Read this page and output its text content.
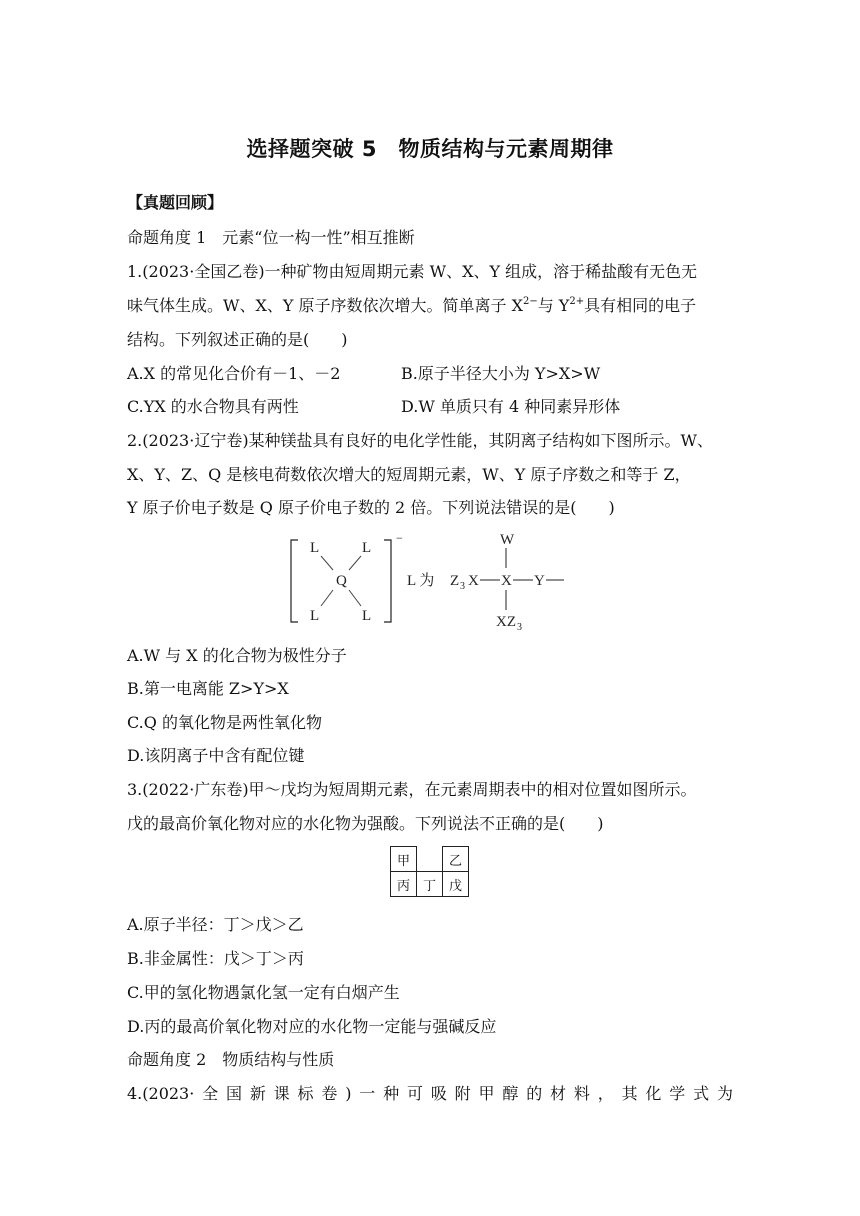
选择题突破 5　物质结构与元素周期律
【真题回顾】
命题角度 1　元素“位一构一性”相互推断
1.(2023·全国乙卷)一种矿物由短周期元素 W、X、Y 组成，溶于稀盐酸有无色无
味气体生成。W、X、Y 原子序数依次增大。简单离子 $X^{2-}$与 $Y^{2+}$具有相同的电子
结构。下列叙述正确的是(　　)
A.X 的常见化合价有－1、－2	B.原子半径大小为 Y>X>W
C.YX 的水合物具有两性	D.W 单质只有 4 种同素异形体
2.(2023·辽宁卷)某种镁盐具有良好的电化学性能，其阴离子结构如下图所示。W、
X、Y、Z、Q 是核电荷数依次增大的短周期元素，W、Y 原子序数之和等于 Z，
Y 原子价电子数是 Q 原子价电子数的 2 倍。下列说法错误的是(　　)
−
L	L
L	L
Q	L 为 Z 3 X X Y
W
XZ 3
A.W 与 X 的化合物为极性分子
B.第一电离能 Z>Y>X
C.Q 的氧化物是两性氧化物
D.该阴离子中含有配位键
3.(2022·广东卷)甲～戊均为短周期元素，在元素周期表中的相对位置如图所示。
戊的最高价氧化物对应的水化物为强酸。下列说法不正确的是(　　)
甲		乙
丙	丁	戊
A.原子半径：丁＞戊＞乙
B.非金属性：戊＞丁＞丙
C.甲的氢化物遇氯化氢一定有白烟产生
D.丙的最高价氧化物对应的水化物一定能与强碱反应
命题角度 2　物质结构与性质
4.(2023· 全 国 新 课 标 卷 ) 一 种 可 吸 附 甲 醇 的 材 料 ， 其 化 学 式 为
